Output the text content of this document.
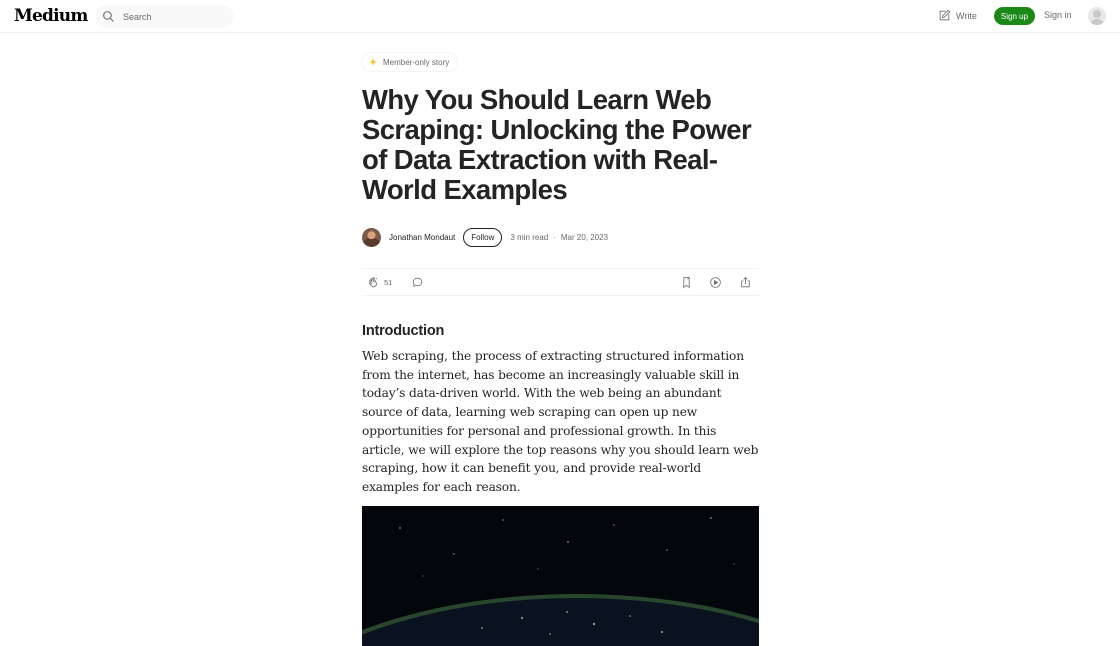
Medium
Search	Write	Sign up	Sign in
Member-only story
Why You Should Learn Web Scraping: Unlocking the Power of Data Extraction with Real-World Examples
Jonathan Mondaut	Follow	3 min read · Mar 20, 2023
51
Introduction

Web scraping, the process of extracting structured information from the internet, has become an increasingly valuable skill in today’s data-driven world. With the web being an abundant source of data, learning web scraping can open up new opportunities for personal and professional growth. In this article, we will explore the top reasons why you should learn web scraping, how it can benefit you, and provide real-world examples for each reason.
